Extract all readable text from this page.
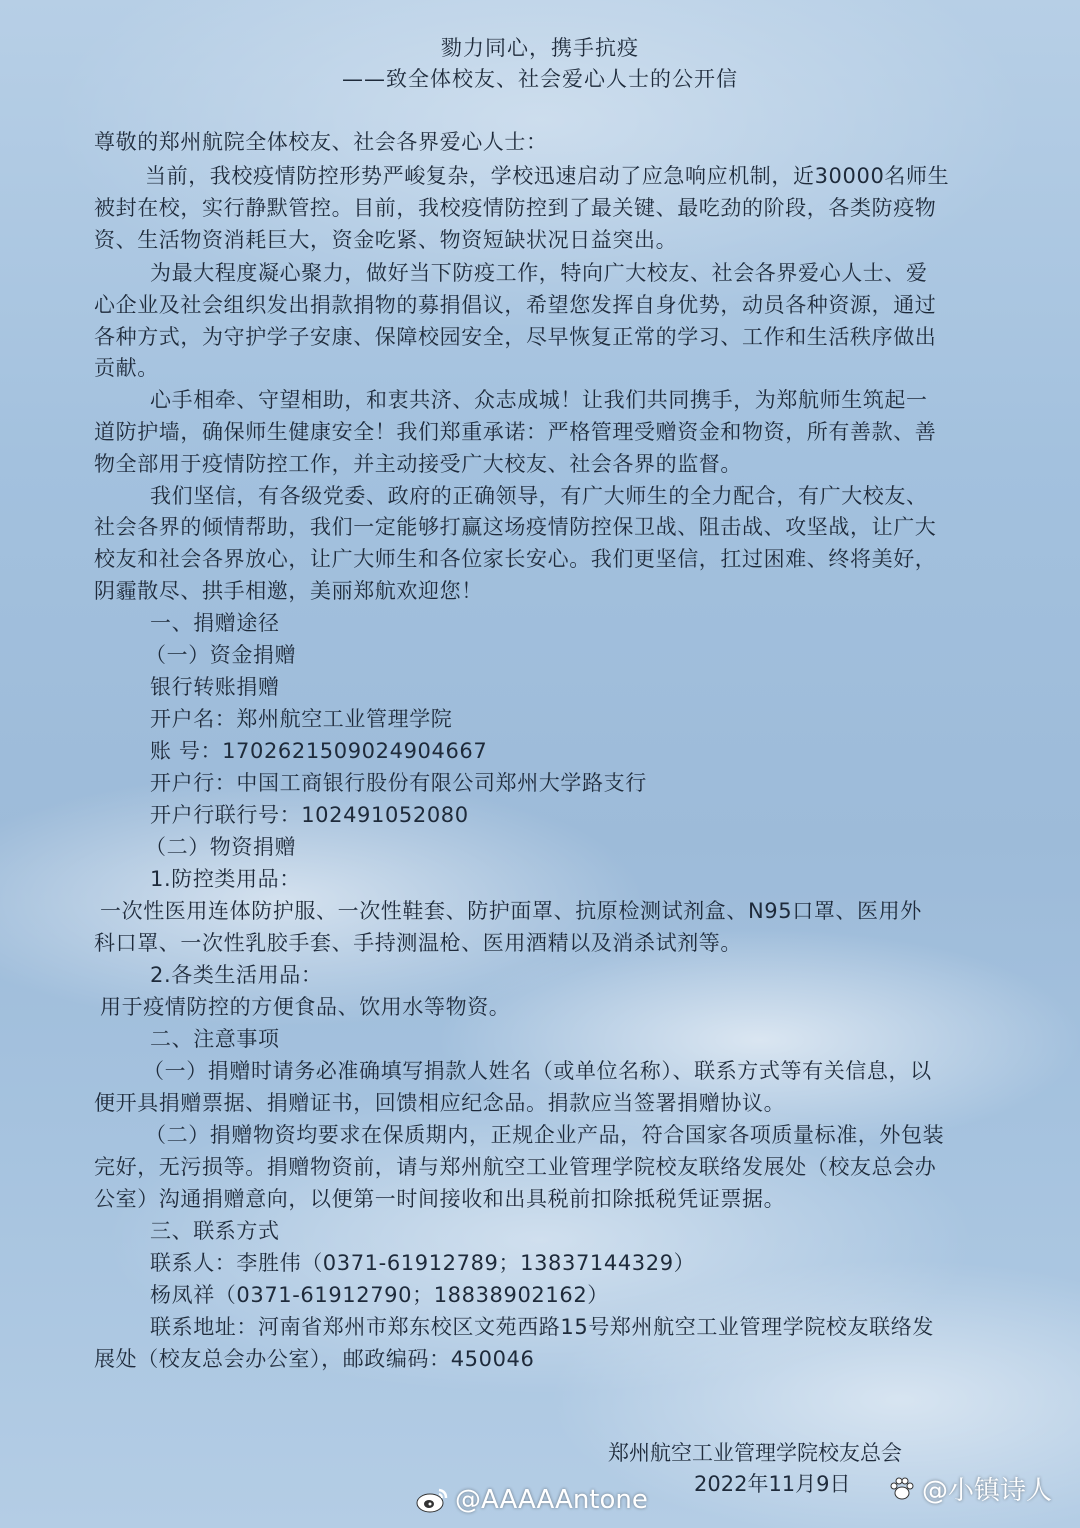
勠力同心，携手抗疫
——致全体校友、社会爱心人士的公开信
尊敬的郑州航院全体校友、社会各界爱心人士：
当前，我校疫情防控形势严峻复杂，学校迅速启动了应急响应机制，近30000名师生
被封在校，实行静默管控。目前，我校疫情防控到了最关键、最吃劲的阶段，各类防疫物
资、生活物资消耗巨大，资金吃紧、物资短缺状况日益突出。
为最大程度凝心聚力，做好当下防疫工作，特向广大校友、社会各界爱心人士、爱
心企业及社会组织发出捐款捐物的募捐倡议，希望您发挥自身优势，动员各种资源，通过
各种方式，为守护学子安康、保障校园安全，尽早恢复正常的学习、工作和生活秩序做出
贡献。
心手相牵、守望相助，和衷共济、众志成城！让我们共同携手，为郑航师生筑起一
道防护墙，确保师生健康安全！我们郑重承诺：严格管理受赠资金和物资，所有善款、善
物全部用于疫情防控工作，并主动接受广大校友、社会各界的监督。
我们坚信，有各级党委、政府的正确领导，有广大师生的全力配合，有广大校友、
社会各界的倾情帮助，我们一定能够打赢这场疫情防控保卫战、阻击战、攻坚战，让广大
校友和社会各界放心，让广大师生和各位家长安心。我们更坚信，扛过困难、终将美好，
阴霾散尽、拱手相邀，美丽郑航欢迎您！
一、捐赠途径
（一）资金捐赠
银行转账捐赠
开户名：郑州航空工业管理学院
账 号：1702621509024904667
开户行：中国工商银行股份有限公司郑州大学路支行
开户行联行号：102491052080
（二）物资捐赠
1.防控类用品：
一次性医用连体防护服、一次性鞋套、防护面罩、抗原检测试剂盒、N95口罩、医用外
科口罩、一次性乳胶手套、手持测温枪、医用酒精以及消杀试剂等。
2.各类生活用品：
用于疫情防控的方便食品、饮用水等物资。
二、注意事项
（一）捐赠时请务必准确填写捐款人姓名（或单位名称）、联系方式等有关信息，以
便开具捐赠票据、捐赠证书，回馈相应纪念品。捐款应当签署捐赠协议。
（二）捐赠物资均要求在保质期内，正规企业产品，符合国家各项质量标准，外包装
完好，无污损等。捐赠物资前，请与郑州航空工业管理学院校友联络发展处（校友总会办
公室）沟通捐赠意向，以便第一时间接收和出具税前扣除抵税凭证票据。
三、联系方式
联系人：李胜伟（0371-61912789；13837144329）
杨凤祥（0371-61912790；18838902162）
联系地址：河南省郑州市郑东校区文苑西路15号郑州航空工业管理学院校友联络发
展处（校友总会办公室），邮政编码：450046
郑州航空工业管理学院校友总会
2022年11月9日
@AAAAAntone	@小镇诗人
